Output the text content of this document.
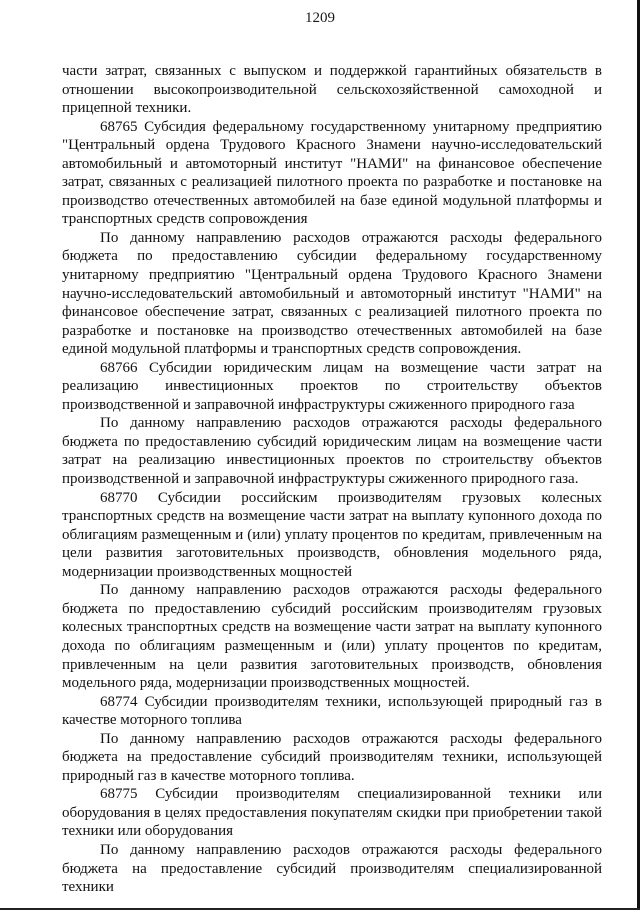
1209

части затрат, связанных с выпуском и поддержкой гарантийных обязательств в отношении высокопроизводительной сельскохозяйственной самоходной и прицепной техники.

68765 Субсидия федеральному государственному унитарному предприятию "Центральный ордена Трудового Красного Знамени научно-исследовательский автомобильный и автомоторный институт "НАМИ" на финансовое обеспечение затрат, связанных с реализацией пилотного проекта по разработке и постановке на производство отечественных автомобилей на базе единой модульной платформы и транспортных средств сопровождения

По данному направлению расходов отражаются расходы федерального бюджета по предоставлению субсидии федеральному государственному унитарному предприятию "Центральный ордена Трудового Красного Знамени научно-исследовательский автомобильный и автомоторный институт "НАМИ" на финансовое обеспечение затрат, связанных с реализацией пилотного проекта по разработке и постановке на производство отечественных автомобилей на базе единой модульной платформы и транспортных средств сопровождения.

68766 Субсидии юридическим лицам на возмещение части затрат на реализацию инвестиционных проектов по строительству объектов производственной и заправочной инфраструктуры сжиженного природного газа

По данному направлению расходов отражаются расходы федерального бюджета по предоставлению субсидий юридическим лицам на возмещение части затрат на реализацию инвестиционных проектов по строительству объектов производственной и заправочной инфраструктуры сжиженного природного газа.

68770 Субсидии российским производителям грузовых колесных транспортных средств на возмещение части затрат на выплату купонного дохода по облигациям размещенным и (или) уплату процентов по кредитам, привлеченным на цели развития заготовительных производств, обновления модельного ряда, модернизации производственных мощностей

По данному направлению расходов отражаются расходы федерального бюджета по предоставлению субсидий российским производителям грузовых колесных транспортных средств на возмещение части затрат на выплату купонного дохода по облигациям размещенным и (или) уплату процентов по кредитам, привлеченным на цели развития заготовительных производств, обновления модельного ряда, модернизации производственных мощностей.

68774 Субсидии производителям техники, использующей природный газ в качестве моторного топлива

По данному направлению расходов отражаются расходы федерального бюджета на предоставление субсидий производителям техники, использующей природный газ в качестве моторного топлива.

68775 Субсидии производителям специализированной техники или оборудования в целях предоставления покупателям скидки при приобретении такой техники или оборудования

По данному направлению расходов отражаются расходы федерального бюджета на предоставление субсидий производителям специализированной техники
